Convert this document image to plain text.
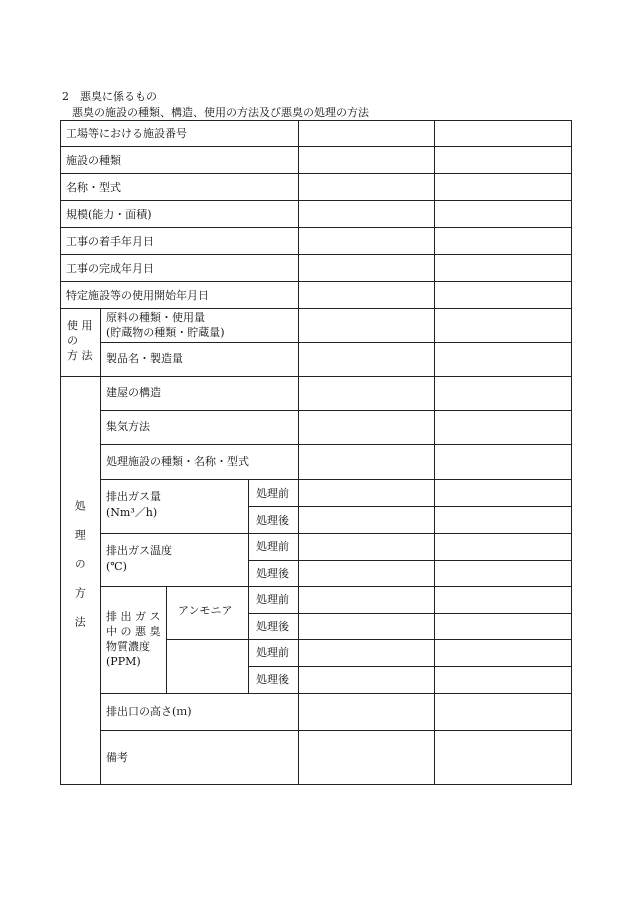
2　悪臭に係るもの
悪臭の施設の種類、構造、使用の方法及び悪臭の処理の方法
工場等における施設番号
施設の種類
名称・型式
規模(能力・面積)
工事の着手年月日
工事の完成年月日
特定施設等の使用開始年月日
使 用
の
方 法
原料の種類・使用量
(貯蔵物の種類・貯蔵量)
製品名・製造量
処理の方法
建屋の構造
集気方法
処理施設の種類・名称・型式
排出ガス量
(Nm³／h)
処理前
処理後
排出ガス温度
(℃)
処理前
処理後
排 出 ガ ス
中 の 悪 臭
物質濃度
(PPM)
アンモニア
処理前
処理後
処理前
処理後
排出口の高さ(ｍ)
備考
